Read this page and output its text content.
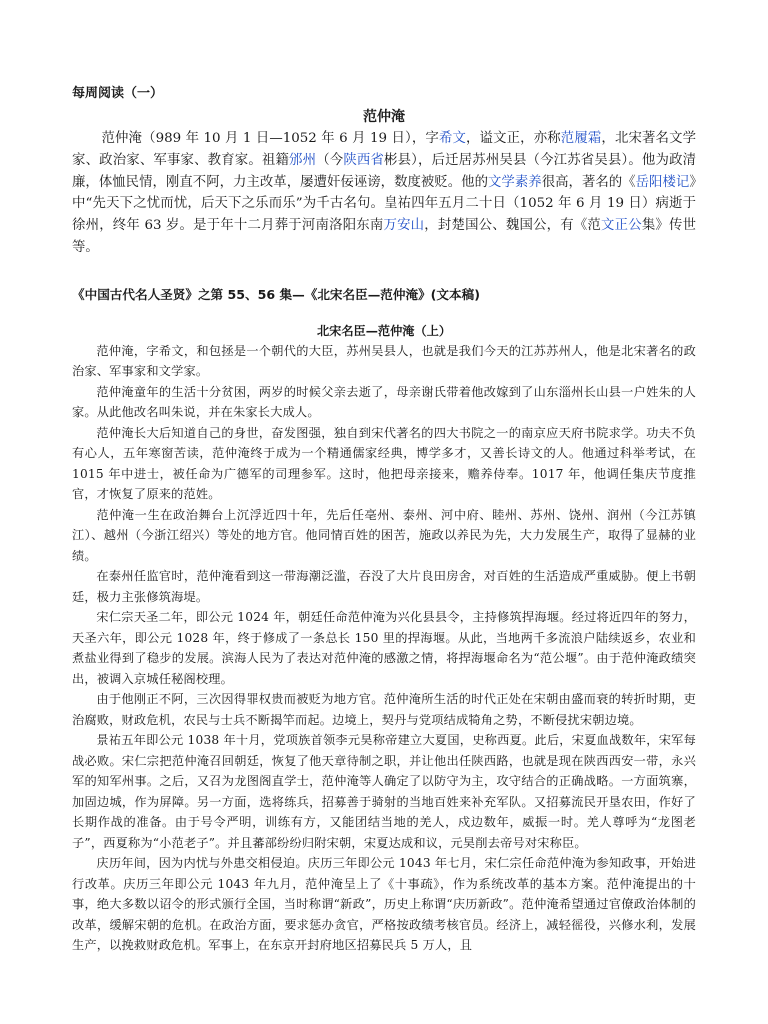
每周阅读（一）

范仲淹

范仲淹（989 年 10 月 1 日—1052 年 6 月 19 日），字希文，谥文正，亦称范履霜，北宋著名文学家、政治家、军事家、教育家。祖籍邠州（今陕西省彬县），后迁居苏州吴县（今江苏省吴县）。他为政清廉，体恤民情，刚直不阿，力主改革，屡遭奸佞诬谤，数度被贬。他的文学素养很高，著名的《岳阳楼记》中“先天下之忧而忧，后天下之乐而乐”为千古名句。皇祐四年五月二十日（1052 年 6 月 19 日）病逝于徐州，终年 63 岁。是于年十二月葬于河南洛阳东南万安山，封楚国公、魏国公，有《范文正公集》传世等。

《中国古代名人圣贤》之第 55、56 集—《北宋名臣—范仲淹》(文本稿)

北宋名臣—范仲淹（上）

范仲淹，字希文，和包拯是一个朝代的大臣，苏州吴县人，也就是我们今天的江苏苏州人，他是北宋著名的政治家、军事家和文学家。

范仲淹童年的生活十分贫困，两岁的时候父亲去逝了，母亲谢氏带着他改嫁到了山东淄州长山县一户姓朱的人家。从此他改名叫朱说，并在朱家长大成人。

范仲淹长大后知道自己的身世，奋发图强，独自到宋代著名的四大书院之一的南京应天府书院求学。功夫不负有心人，五年寒窗苦读，范仲淹终于成为一个精通儒家经典，博学多才，又善长诗文的人。他通过科举考试，在 1015 年中进士，被任命为广德军的司理参军。这时，他把母亲接来，赡养侍奉。1017 年，他调任集庆节度推官，才恢复了原来的范姓。

范仲淹一生在政治舞台上沉浮近四十年，先后任亳州、泰州、河中府、睦州、苏州、饶州、润州（今江苏镇江）、越州（今浙江绍兴）等处的地方官。他同情百姓的困苦，施政以养民为先，大力发展生产，取得了显赫的业绩。

在泰州任监官时，范仲淹看到这一带海潮泛滥，吞没了大片良田房舍，对百姓的生活造成严重威胁。便上书朝廷，极力主张修筑海堤。

宋仁宗天圣二年，即公元 1024 年，朝廷任命范仲淹为兴化县县令，主持修筑捍海堰。经过将近四年的努力，天圣六年，即公元 1028 年，终于修成了一条总长 150 里的捍海堰。从此，当地两千多流浪户陆续返乡，农业和煮盐业得到了稳步的发展。滨海人民为了表达对范仲淹的感激之情，将捍海堰命名为“范公堰”。由于范仲淹政绩突出，被调入京城任秘阁校理。

由于他刚正不阿，三次因得罪权贵而被贬为地方官。范仲淹所生活的时代正处在宋朝由盛而衰的转折时期，吏治腐败，财政危机，农民与士兵不断揭竿而起。边境上，契丹与党项结成犄角之势，不断侵扰宋朝边境。

景祐五年即公元 1038 年十月，党项族首领李元昊称帝建立大夏国，史称西夏。此后，宋夏血战数年，宋军每战必败。宋仁宗把范仲淹召回朝廷，恢复了他天章待制之职，并让他出任陕西路，也就是现在陕西西安一带，永兴军的知军州事。之后，又召为龙图阁直学士，范仲淹等人确定了以防守为主，攻守结合的正确战略。一方面筑寨，加固边城，作为屏障。另一方面，选将练兵，招募善于骑射的当地百姓来补充军队。又招募流民开垦农田，作好了长期作战的准备。由于号令严明，训练有方，又能团结当地的羌人，戍边数年，威振一时。羌人尊呼为“龙图老子”，西夏称为“小范老子”。并且蕃部纷纷归附宋朝，宋夏达成和议，元昊削去帝号对宋称臣。

庆历年间，因为内忧与外患交相侵迫。庆历三年即公元 1043 年七月，宋仁宗任命范仲淹为参知政事，开始进行改革。庆历三年即公元 1043 年九月，范仲淹呈上了《十事疏》，作为系统改革的基本方案。范仲淹提出的十事，绝大多数以诏令的形式颁行全国，当时称谓“新政”，历史上称谓“庆历新政”。范仲淹希望通过官僚政治体制的改革，缓解宋朝的危机。在政治方面，要求惩办贪官，严格按政绩考核官员。经济上，减轻徭役，兴修水利，发展生产，以挽救财政危机。军事上，在东京开封府地区招募民兵 5 万人，且
